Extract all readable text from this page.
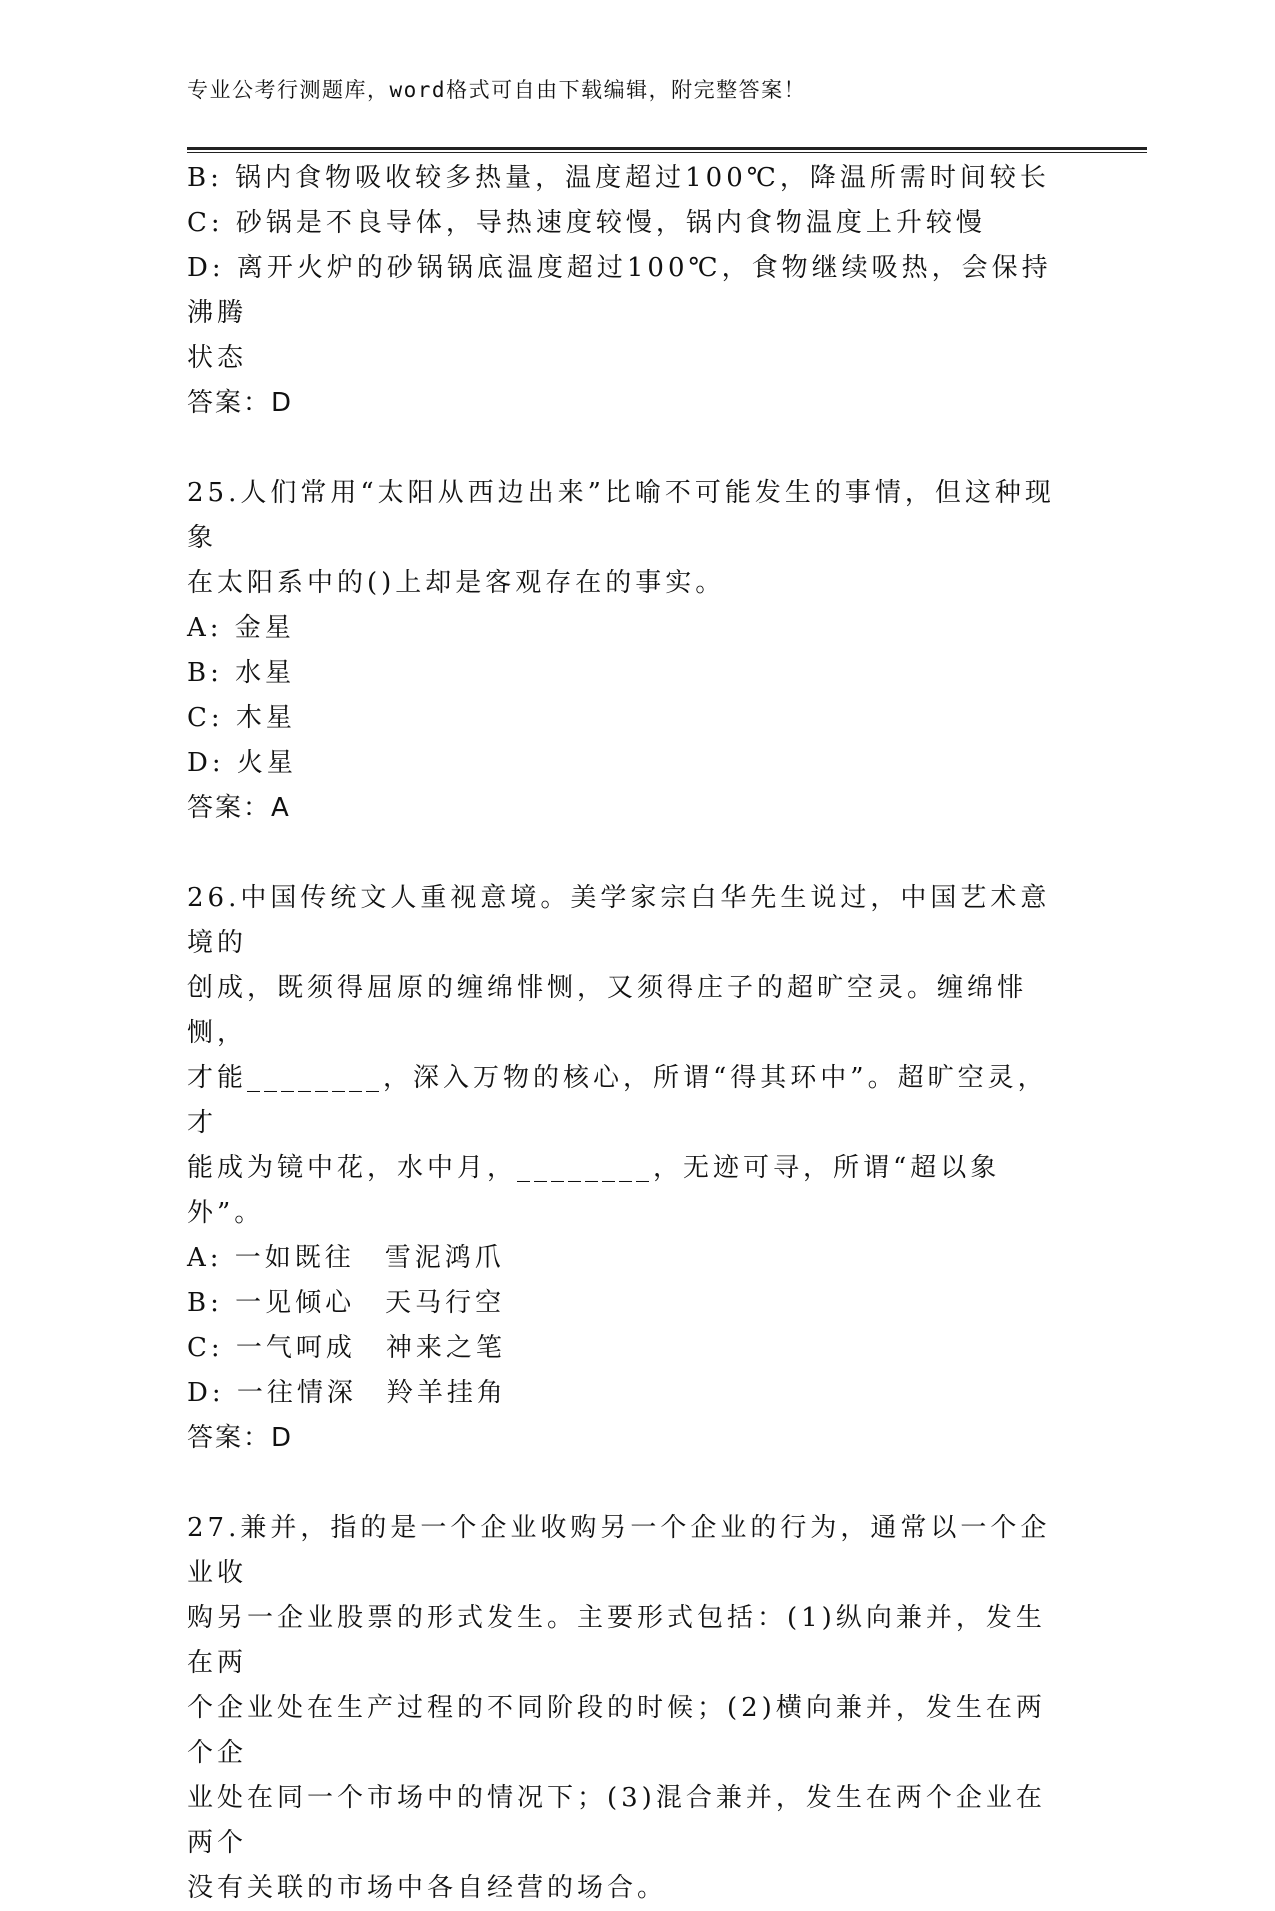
专业公考行测题库，word格式可自由下载编辑，附完整答案！
B: 锅内食物吸收较多热量，温度超过100℃，降温所需时间较长
C: 砂锅是不良导体，导热速度较慢，锅内食物温度上升较慢
D: 离开火炉的砂锅锅底温度超过100℃，食物继续吸热，会保持沸腾
状态
答案：D
25.人们常用“太阳从西边出来”比喻不可能发生的事情，但这种现象
在太阳系中的()上却是客观存在的事实。
A: 金星
B: 水星
C: 木星
D: 火星
答案：A
26.中国传统文人重视意境。美学家宗白华先生说过，中国艺术意境的
创成，既须得屈原的缠绵悱恻，又须得庄子的超旷空灵。缠绵悱恻，
才能________，深入万物的核心，所谓“得其环中”。超旷空灵，才
能成为镜中花，水中月，________，无迹可寻，所谓“超以象外”。
A: 一如既往　雪泥鸿爪
B: 一见倾心　天马行空
C: 一气呵成　神来之笔
D: 一往情深　羚羊挂角
答案：D
27.兼并，指的是一个企业收购另一个企业的行为，通常以一个企业收
购另一企业股票的形式发生。主要形式包括：(1)纵向兼并，发生在两
个企业处在生产过程的不同阶段的时候；(2)横向兼并，发生在两个企
业处在同一个市场中的情况下；(3)混合兼并，发生在两个企业在两个
没有关联的市场中各自经营的场合。
